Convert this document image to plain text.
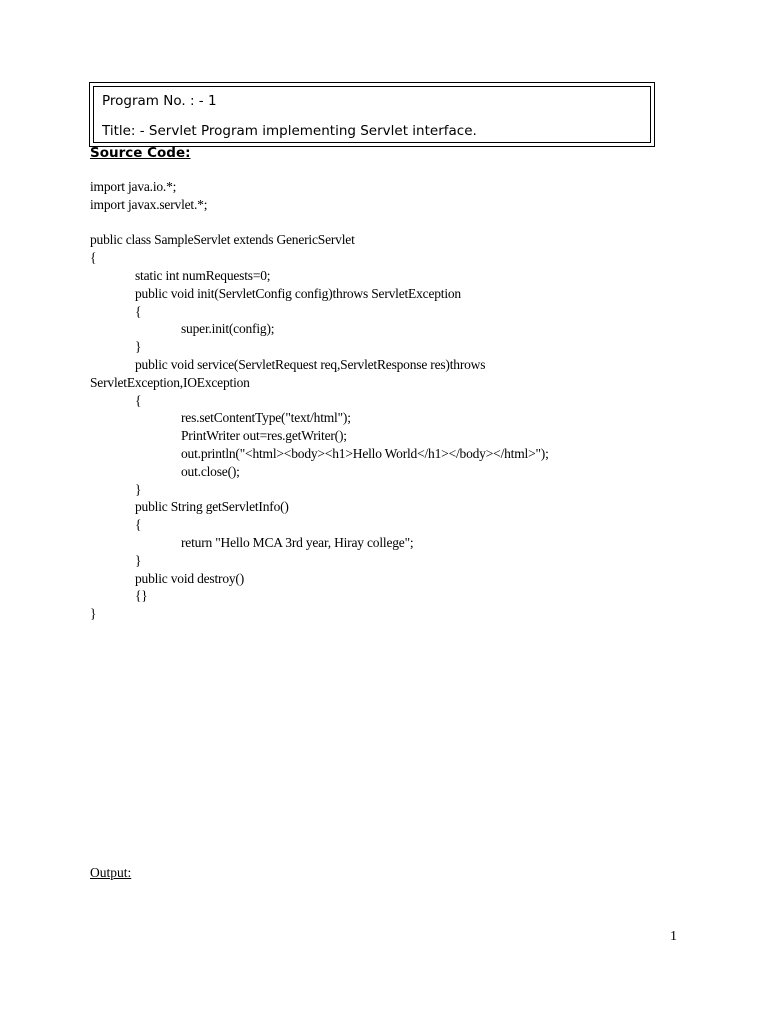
Program No. : - 1
Title: - Servlet Program implementing Servlet interface.
Source Code:
import java.io.*;
import javax.servlet.*;
public class SampleServlet extends GenericServlet
{
static int numRequests=0;
public void init(ServletConfig config)throws ServletException
{
super.init(config);
}
public void service(ServletRequest req,ServletResponse res)throws
ServletException,IOException
{
res.setContentType("text/html");
PrintWriter out=res.getWriter();
out.println("<html><body><h1>Hello World</h1></body></html>");
out.close();
}
public String getServletInfo()
{
return "Hello MCA 3rd year, Hiray college";
}
public void destroy()
{}
}
Output:
1
